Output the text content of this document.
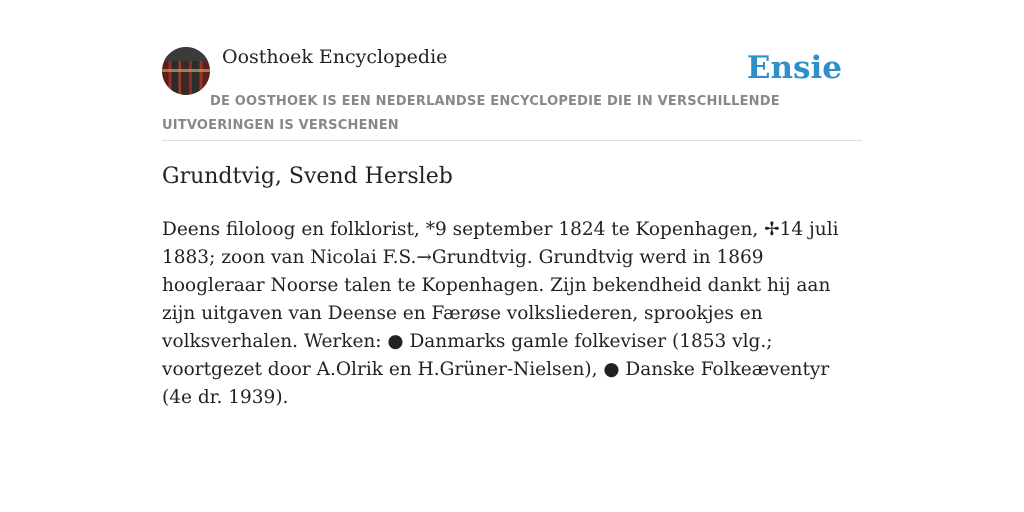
Oosthoek Encyclopedie	Ensie
DE OOSTHOEK IS EEN NEDERLANDSE ENCYCLOPEDIE DIE IN VERSCHILLENDE UITVOERINGEN IS VERSCHENEN
Grundtvig, Svend Hersleb

Deens filoloog en folklorist, *9 september 1824 te Kopenhagen, ✢14 juli 1883; zoon van Nicolai F.S.→Grundtvig. Grundtvig werd in 1869 hoogleraar Noorse talen te Kopenhagen. Zijn bekendheid dankt hij aan zijn uitgaven van Deense en Færøse volksliederen, sprookjes en volksverhalen. Werken: ● Danmarks gamle folkeviser (1853 vlg.; voortgezet door A.Olrik en H.Grüner-Nielsen), ● Danske Folkeæventyr (4e dr. 1939).
